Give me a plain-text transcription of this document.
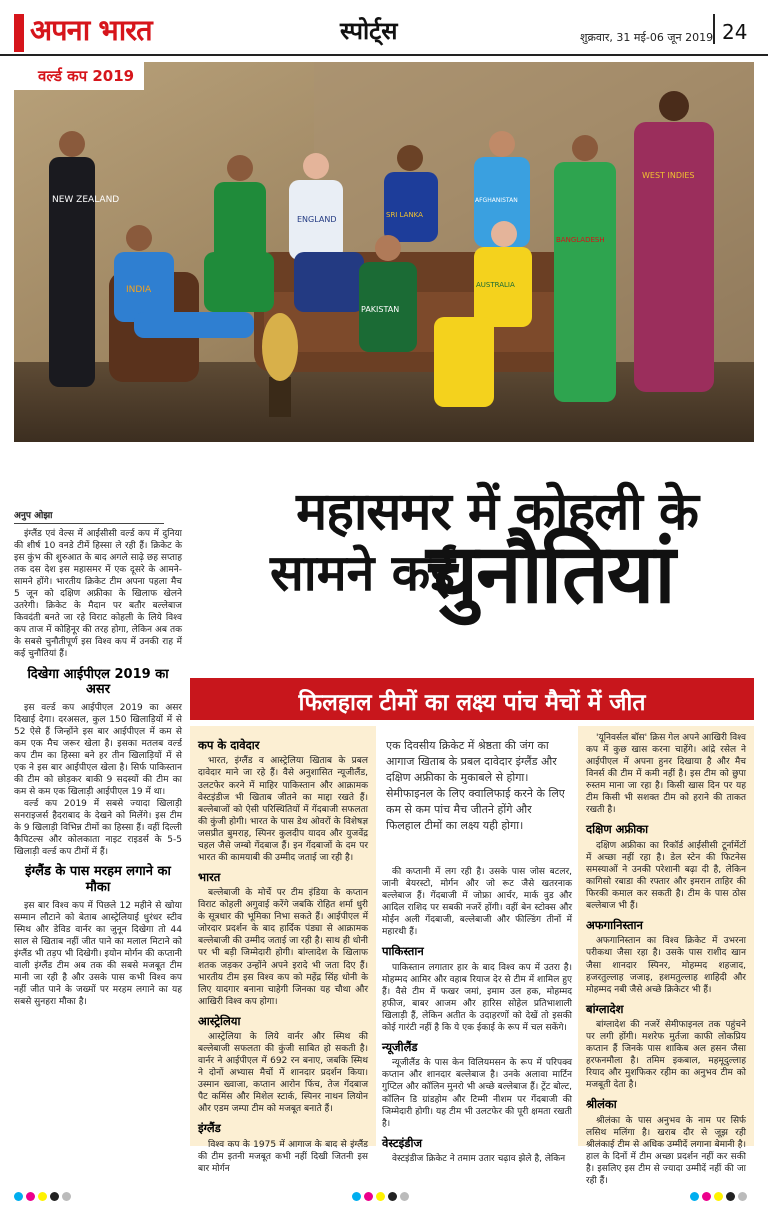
अपना भारत	स्पोर्ट्स	शुक्रवार, 31 मई-06 जून 2019 24
NEW ZEALAND
INDIA
ENGLAND	SRI LANKA
AFGHANISTAN
PAKISTAN
AUSTRALIA
BANGLADESH
WEST INDIES
वर्ल्ड कप 2019
अनुप ओझा	महासमर में कोहली के
सामने कई
चुनौतियां

इंग्लैंड एवं वेल्स में आईसीसी वर्ल्ड कप में दुनिया की शीर्ष 10 वनडे टीमें हिस्सा ले रही हैं। क्रिकेट के इस कुंभ की शुरुआत के बाद अगले साढ़े छह सप्ताह तक दस देश इस महासमर में एक दूसरे के आमने-सामने होंगे। भारतीय क्रिकेट टीम अपना पहला मैच 5 जून को दक्षिण अफ्रीका के खिलाफ खेलने उतरेगी। क्रिकेट के मैदान पर बतौर बल्लेबाज किवदंती बनते जा रहे विराट कोहली के लिये विश्व कप ताज में कोहिनूर की तरह होगा, लेकिन अब तक के सबसे चुनौतीपूर्ण इस विश्व कप में उनकी राह में कई चुनौतियां हैं।

दिखेगा आईपीएल 2019 का असर

इस वर्ल्ड कप आईपीएल 2019 का असर दिखाई देगा। दरअसल, कुल 150 खिलाड़ियों में से 52 ऐसे हैं जिन्होंने इस बार आईपीएल में कम से कम एक मैच जरूर खेला है। इसका मतलब वर्ल्ड कप टीम का हिस्सा बने हर तीन खिलाड़ियों में से एक ने इस बार आईपीएल खेला है। सिर्फ पाकिस्तान की टीम को छोड़कर बाकी 9 सदस्यों की टीम का कम से कम एक खिलाड़ी आईपीएल 19 में था।

वर्ल्ड कप 2019 में सबसे ज्यादा खिलाड़ी सनराइजर्स हैदराबाद के देखने को मिलेंगे। इस टीम के 9 खिलाड़ी विभिन्न टीमों का हिस्सा हैं। वहीं दिल्ली कैपिटल्स और कोलकाता नाइट राइडर्स के 5-5 खिलाड़ी वर्ल्ड कप टीमों में हैं।

इंग्लैंड के पास मरहम लगाने का मौका

इस बार विश्व कप में पिछले 12 महीने से खोया सम्मान लौटाने को बेताब आस्ट्रेलियाई धुरंधर स्टीव स्मिथ और डेविड वार्नर का जुनून दिखेगा तो 44 साल से खिताब नहीं जीत पाने का मलाल मिटाने को इंग्लैंड भी तड़प भी दिखेगी। इयोन मोर्गन की कप्तानी वाली इंग्लैंड टीम अब तक की सबसे मजबूत टीम मानी जा रही है और उसके पास कभी विश्व कप नहीं जीत पाने के जख्मों पर मरहम लगाने का यह सबसे सुनहरा मौका है।

फिलहाल टीमों का लक्ष्य पांच मैचों में जीत
कप के दावेदार

भारत, इंग्लैंड व आस्ट्रेलिया खिताब के प्रबल दावेदार माने जा रहे हैं। वैसे अनुशासित न्यूजीलैंड, उलटफेर करने में माहिर पाकिस्तान और आक्रामक वेस्टइंडीज भी खिताब जीतने का माद्दा रखते हैं। बल्लेबाजों को ऐसी परिस्थितियों में गेंदबाजी सफलता की कुंजी होगी। भारत के पास डेथ ओवरों के विशेषज्ञ जसप्रीत बुमराह, स्पिनर कुलदीप यादव और युजवेंद्र चहल जैसे जम्बो गेंदबाज हैं। इन गेंदबाजों के दम पर भारत की कामयाबी की उम्मीद जताई जा रही है।

भारत

बल्लेबाजी के मोर्चे पर टीम इंडिया के कप्तान विराट कोहली अगुवाई करेंगे जबकि रोहित शर्मा धुरी के सूत्रधार की भूमिका निभा सकते हैं। आईपीएल में जोरदार प्रदर्शन के बाद हार्दिक पंड्या से आक्रामक बल्लेबाजी की उम्मीद जताई जा रही है। साथ ही धोनी पर भी बड़ी जिम्मेदारी होगी। बांग्लादेश के खिलाफ शतक जड़कर उन्होंने अपने इरादे भी जता दिए हैं। भारतीय टीम इस विश्व कप को महेंद्र सिंह धोनी के लिए यादगार बनाना चाहेगी जिनका यह चौथा और आखिरी विश्व कप होगा।

आस्ट्रेलिया

आस्ट्रेलिया के लिये वार्नर और स्मिथ की बल्लेबाजी सफलता की कुंजी साबित हो सकती है। वार्नर ने आईपीएल में 692 रन बनाए, जबकि स्मिथ ने दोनों अभ्यास मैचों में शानदार प्रदर्शन किया। उस्मान ख्वाजा, कप्तान आरोन फिंच, तेज गेंदबाज पैट कमिंस और मिशेल स्टार्क, स्पिनर नाथन लियोन और एडम जम्पा टीम को मजबूत बनाते हैं।

इंग्लैंड

विश्व कप के 1975 में आगाज के बाद से इंग्लैंड की टीम इतनी मजबूत कभी नहीं दिखी जितनी इस बार मोर्गन

की कप्तानी में लग रही है। उसके पास जोस बटलर, जानी बेयरस्टो, मोर्गन और जो रूट जैसे खतरनाक बल्लेबाज हैं। गेंदबाजी में जोफ्रा आर्चर, मार्क वुड और आदिल राशिद पर सबकी नजरें होंगी। वहीं बेन स्टोक्स और मोईन अली गेंदबाजी, बल्लेबाजी और फील्डिंग तीनों में महारथी हैं।

पाकिस्तान

पाकिस्तान लगातार हार के बाद विश्व कप में उतरा है। मोहम्मद आमिर और वहाब रियाज देर से टीम में शामिल हुए हैं। वैसे टीम में फखर जमां, इमाम उल हक, मोहम्मद हफीज, बाबर आजम और हारिस सोहेल प्रतिभाशाली खिलाड़ी हैं, लेकिन अतीत के उदाहरणों को देखें तो इसकी कोई गारंटी नहीं है कि ये एक ईकाई के रूप में चल सकेंगे।

न्यूजीलैंड

न्यूजीलैंड के पास केन विलियमसन के रूप में परिपक्व कप्तान और शानदार बल्लेबाज है। उनके अलावा मार्टिन गुप्टिल और कॉलिन मुनरो भी अच्छे बल्लेबाज हैं। ट्रेंट बोल्ट, कॉलिन डि ग्रांडहोम और टिम्मी नीशम पर गेंदबाजी की जिम्मेदारी होगी। यह टीम भी उलटफेर की पूरी क्षमता रखती है।

वेस्टइंडीज

वेस्टइंडीज क्रिकेट ने तमाम उतार चढ़ाव झेले है, लेकिन

एक दिवसीय क्रिकेट में श्रेष्ठता की जंग का आगाज खिताब के प्रबल दावेदार इंग्लैंड और दक्षिण अफ्रीका के मुकाबले से होगा। सेमीफाइनल के लिए क्वालिफाई करने के लिए कम से कम पांच मैच जीतने होंगे और फिलहाल टीमों का लक्ष्य यही होगा।

'यूनिवर्सल बॉस' क्रिस गेल अपने आखिरी विश्व कप में कुछ खास करना चाहेंगे। आंद्रे रसेल ने आईपीएल में अपना हुनर दिखाया है और मैच विनर्स की टीम में कमी नहीं है। इस टीम को छुपा रुस्तम माना जा रहा है। किसी खास दिन पर यह टीम किसी भी सशक्त टीम को हराने की ताकत रखती है।

दक्षिण अफ्रीका

दक्षिण अफ्रीका का रिकॉर्ड आईसीसी टूर्नामेंटों में अच्छा नहीं रहा है। डेल स्टेन की फिटनेस समस्याओं ने उनकी परेशानी बढ़ा दी है, लेकिन कागिसो रबाडा की रफ्तार और इमरान ताहिर की फिरकी कमाल कर सकती है। टीम के पास ठोस बल्लेबाज भी हैं।

अफगानिस्तान

अफगानिस्तान का विश्व क्रिकेट में उभरना परीकथा जैसा रहा है। उसके पास राशीद खान जैसा शानदार स्पिनर, मोहम्मद शहजाद, हजरतुल्लाह जजाइ, हशमतुल्लाह शाहिदी और मोहम्मद नबी जैसे अच्छे क्रिकेटर भी हैं।

बांग्लादेश

बांग्लादेश की नजरें सेमीफाइनल तक पहुंचने पर लगी होंगी। मशरेफ मुर्तजा काफी लोकप्रिय कप्तान हैं जिनके पास शाकिब अल हसन जैसा हरफनमौला है। तमिम इकबाल, महमूदुल्लाह रियाद और मुशफिकर रहीम का अनुभव टीम को मजबूती देता है।

श्रीलंका

श्रीलंका के पास अनुभव के नाम पर सिर्फ लसिथ मलिंगा है। खराब दौर से जूझ रही श्रीलंकाई टीम से अधिक उम्मीदें लगाना बेमानी है। हाल के दिनों में टीम अच्छा प्रदर्शन नहीं कर सकी है। इसलिए इस टीम से ज्यादा उम्मीदें नहीं की जा रही हैं।
